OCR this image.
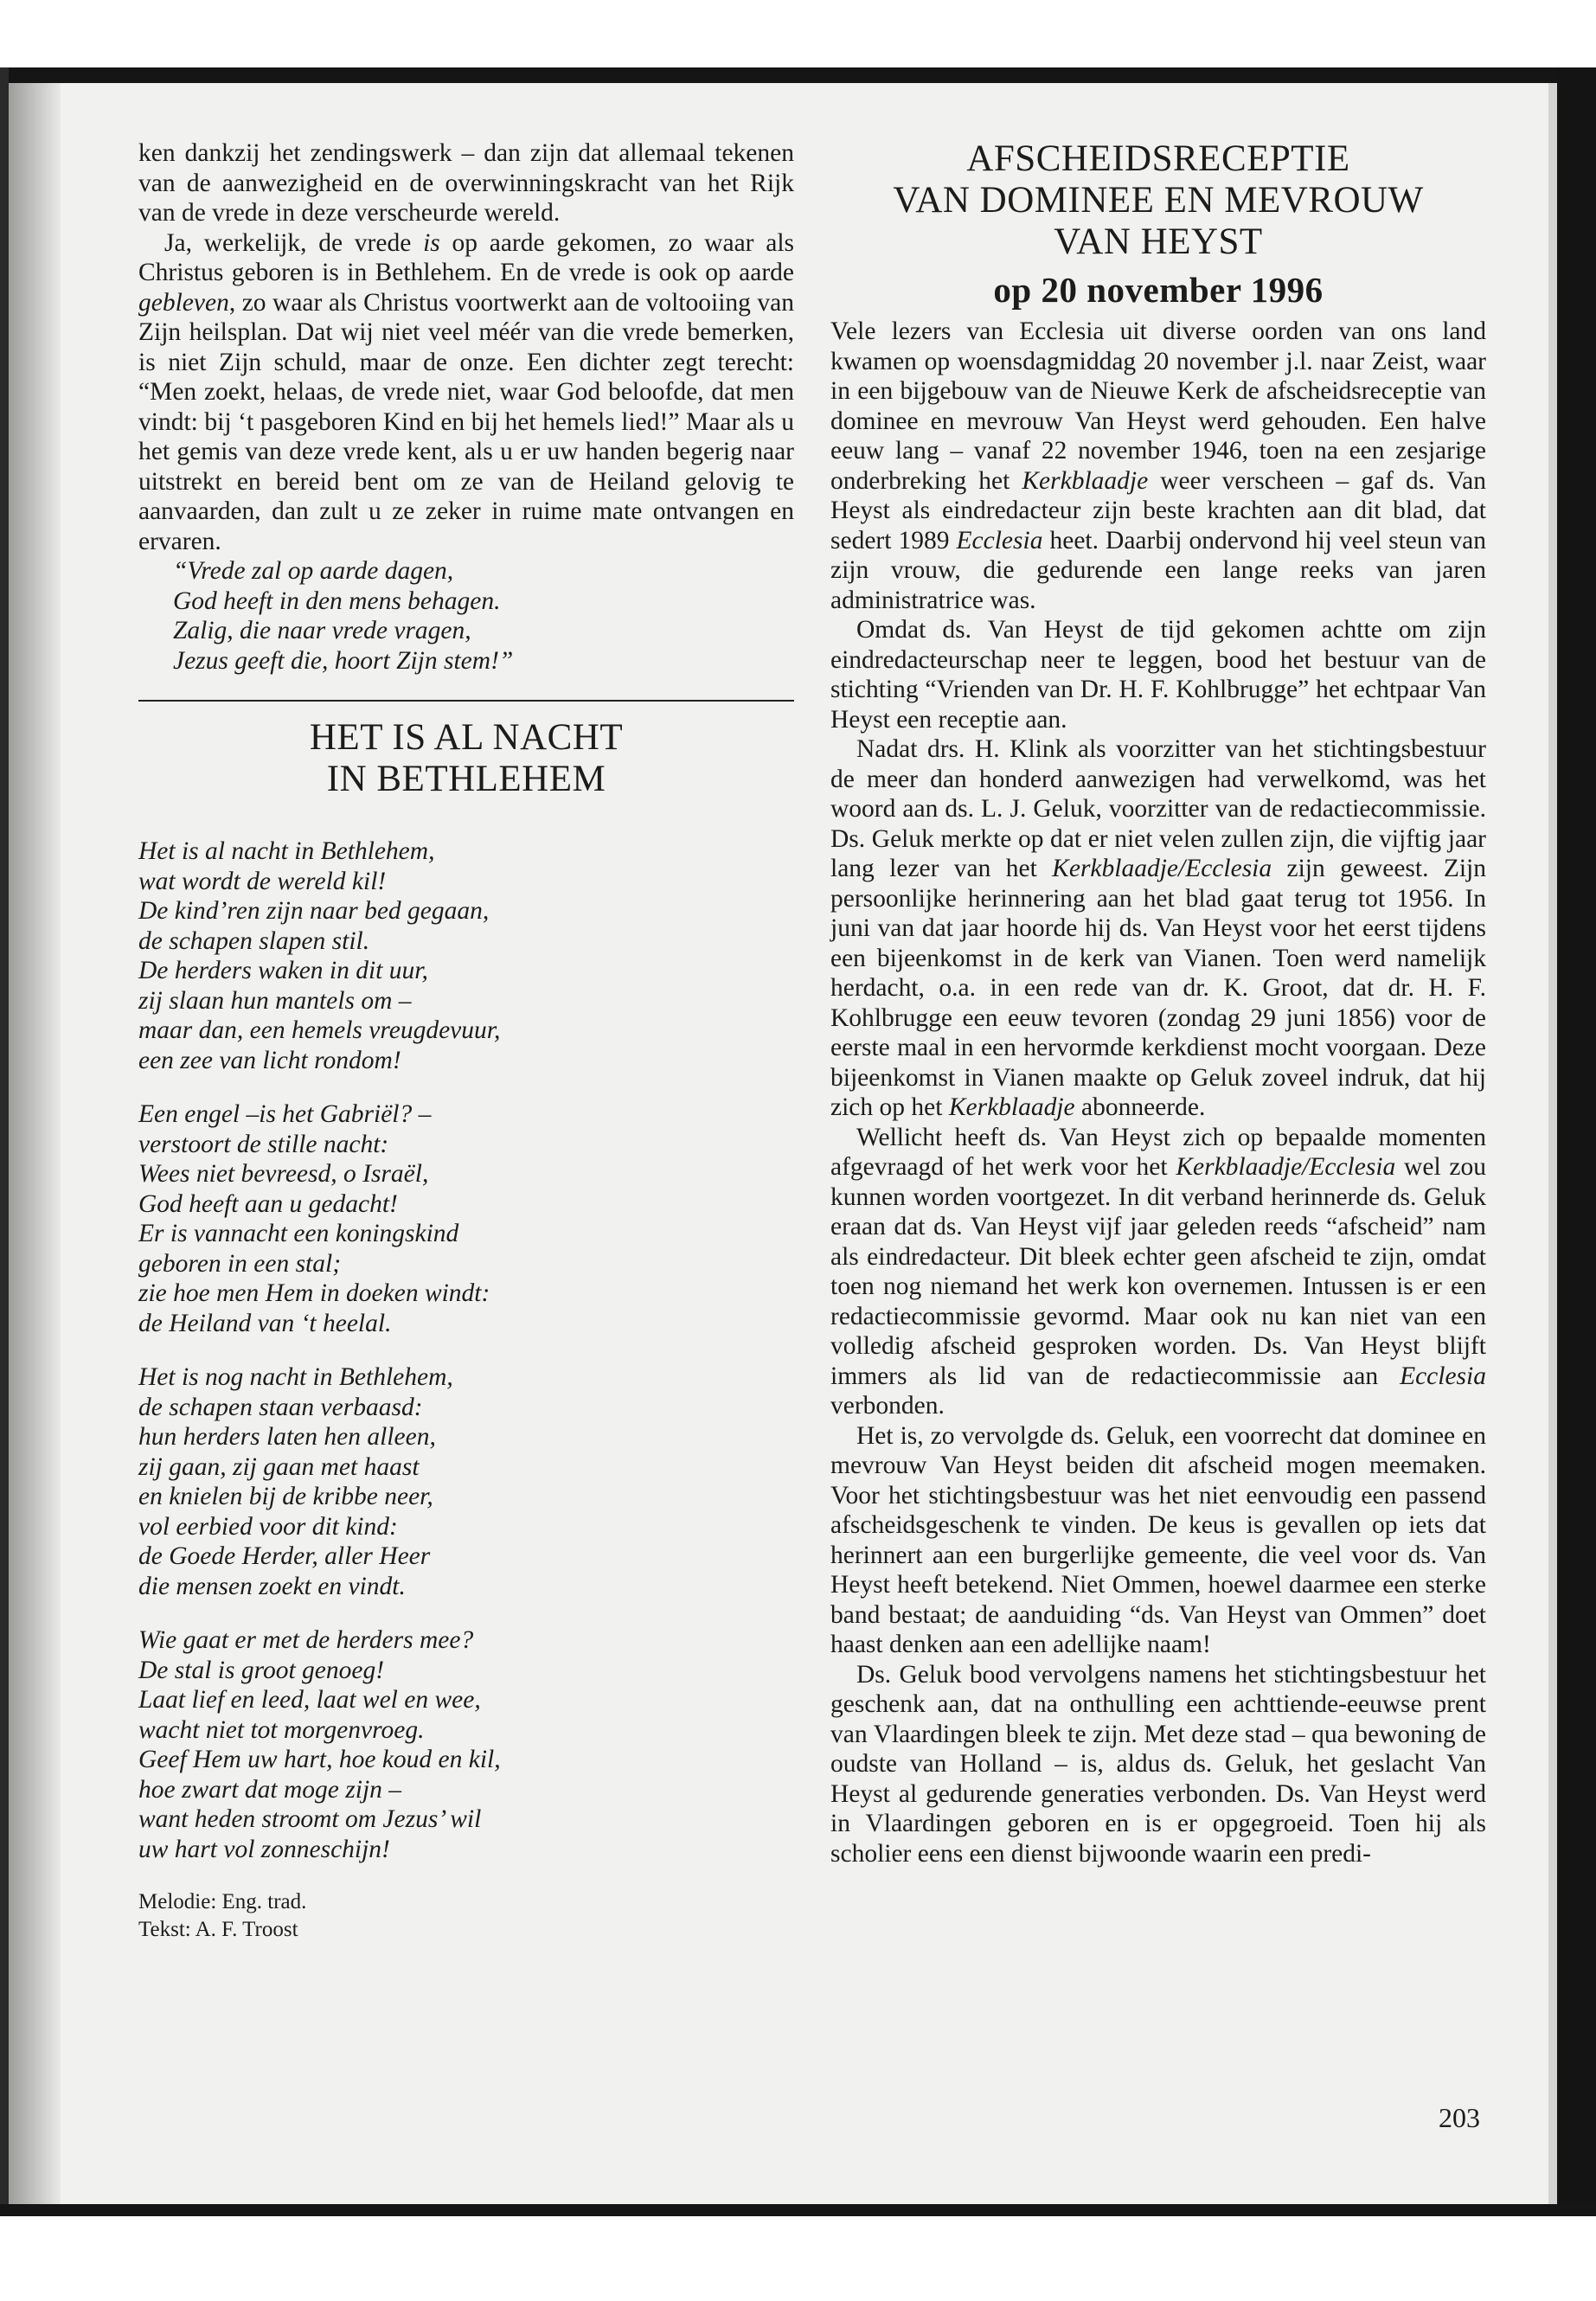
ken dankzij het zendingswerk – dan zijn dat allemaal tekenen van de aanwezigheid en de overwinningskracht van het Rijk van de vrede in deze verscheurde wereld.

Ja, werkelijk, de vrede is op aarde gekomen, zo waar als Christus geboren is in Bethlehem. En de vrede is ook op aarde gebleven, zo waar als Christus voortwerkt aan de voltooiing van Zijn heilsplan. Dat wij niet veel méér van die vrede bemerken, is niet Zijn schuld, maar de onze. Een dichter zegt terecht: “Men zoekt, helaas, de vrede niet, waar God beloofde, dat men vindt: bij ‘t pasgeboren Kind en bij het hemels lied!” Maar als u het gemis van deze vrede kent, als u er uw handen begerig naar uitstrekt en bereid bent om ze van de Heiland gelovig te aanvaarden, dan zult u ze zeker in ruime mate ontvangen en ervaren.

“Vrede zal op aarde dagen,
God heeft in den mens behagen.
Zalig, die naar vrede vragen,
Jezus geeft die, hoort Zijn stem!”
HET IS AL NACHT
IN BETHLEHEM
Het is al nacht in Bethlehem,
wat wordt de wereld kil!
De kind’ren zijn naar bed gegaan,
de schapen slapen stil.
De herders waken in dit uur,
zij slaan hun mantels om –
maar dan, een hemels vreugdevuur,
een zee van licht rondom!
Een engel –is het Gabriël? –
verstoort de stille nacht:
Wees niet bevreesd, o Israël,
God heeft aan u gedacht!
Er is vannacht een koningskind
geboren in een stal;
zie hoe men Hem in doeken windt:
de Heiland van ‘t heelal.
Het is nog nacht in Bethlehem,
de schapen staan verbaasd:
hun herders laten hen alleen,
zij gaan, zij gaan met haast
en knielen bij de kribbe neer,
vol eerbied voor dit kind:
de Goede Herder, aller Heer
die mensen zoekt en vindt.
Wie gaat er met de herders mee?
De stal is groot genoeg!
Laat lief en leed, laat wel en wee,
wacht niet tot morgenvroeg.
Geef Hem uw hart, hoe koud en kil,
hoe zwart dat moge zijn –
want heden stroomt om Jezus’ wil
uw hart vol zonneschijn!
Melodie: Eng. trad.
Tekst: A. F. Troost
AFSCHEIDSRECEPTIE
VAN DOMINEE EN MEVROUW
VAN HEYST
op 20 november 1996

Vele lezers van Ecclesia uit diverse oorden van ons land kwamen op woensdagmiddag 20 november j.l. naar Zeist, waar in een bijgebouw van de Nieuwe Kerk de afscheidsreceptie van dominee en mevrouw Van Heyst werd gehouden. Een halve eeuw lang – vanaf 22 november 1946, toen na een zesjarige onderbreking het Kerkblaadje weer verscheen – gaf ds. Van Heyst als eindredacteur zijn beste krachten aan dit blad, dat sedert 1989 Ecclesia heet. Daarbij ondervond hij veel steun van zijn vrouw, die gedurende een lange reeks van jaren administratrice was.

Omdat ds. Van Heyst de tijd gekomen achtte om zijn eindredacteurschap neer te leggen, bood het bestuur van de stichting “Vrienden van Dr. H. F. Kohlbrugge” het echtpaar Van Heyst een receptie aan.

Nadat drs. H. Klink als voorzitter van het stichtingsbestuur de meer dan honderd aanwezigen had verwelkomd, was het woord aan ds. L. J. Geluk, voorzitter van de redactiecommissie. Ds. Geluk merkte op dat er niet velen zullen zijn, die vijftig jaar lang lezer van het Kerkblaadje/Ecclesia zijn geweest. Zijn persoonlijke herinnering aan het blad gaat terug tot 1956. In juni van dat jaar hoorde hij ds. Van Heyst voor het eerst tijdens een bijeenkomst in de kerk van Vianen. Toen werd namelijk herdacht, o.a. in een rede van dr. K. Groot, dat dr. H. F. Kohlbrugge een eeuw tevoren (zondag 29 juni 1856) voor de eerste maal in een hervormde kerkdienst mocht voorgaan. Deze bijeenkomst in Vianen maakte op Geluk zoveel indruk, dat hij zich op het Kerkblaadje abonneerde.

Wellicht heeft ds. Van Heyst zich op bepaalde momenten afgevraagd of het werk voor het Kerkblaadje/Ecclesia wel zou kunnen worden voortgezet. In dit verband herinnerde ds. Geluk eraan dat ds. Van Heyst vijf jaar geleden reeds “afscheid” nam als eindredacteur. Dit bleek echter geen afscheid te zijn, omdat toen nog niemand het werk kon overnemen. Intussen is er een redactiecommissie gevormd. Maar ook nu kan niet van een volledig afscheid gesproken worden. Ds. Van Heyst blijft immers als lid van de redactiecommissie aan Ecclesia verbonden.

Het is, zo vervolgde ds. Geluk, een voorrecht dat dominee en mevrouw Van Heyst beiden dit afscheid mogen meemaken. Voor het stichtingsbestuur was het niet eenvoudig een passend afscheidsgeschenk te vinden. De keus is gevallen op iets dat herinnert aan een burgerlijke gemeente, die veel voor ds. Van Heyst heeft betekend. Niet Ommen, hoewel daarmee een sterke band bestaat; de aanduiding “ds. Van Heyst van Ommen” doet haast denken aan een adellijke naam!

Ds. Geluk bood vervolgens namens het stichtingsbestuur het geschenk aan, dat na onthulling een achttiende-eeuwse prent van Vlaardingen bleek te zijn. Met deze stad – qua bewoning de oudste van Holland – is, aldus ds. Geluk, het geslacht Van Heyst al gedurende generaties verbonden. Ds. Van Heyst werd in Vlaardingen geboren en is er opgegroeid. Toen hij als scholier eens een dienst bijwoonde waarin een predi-

203
